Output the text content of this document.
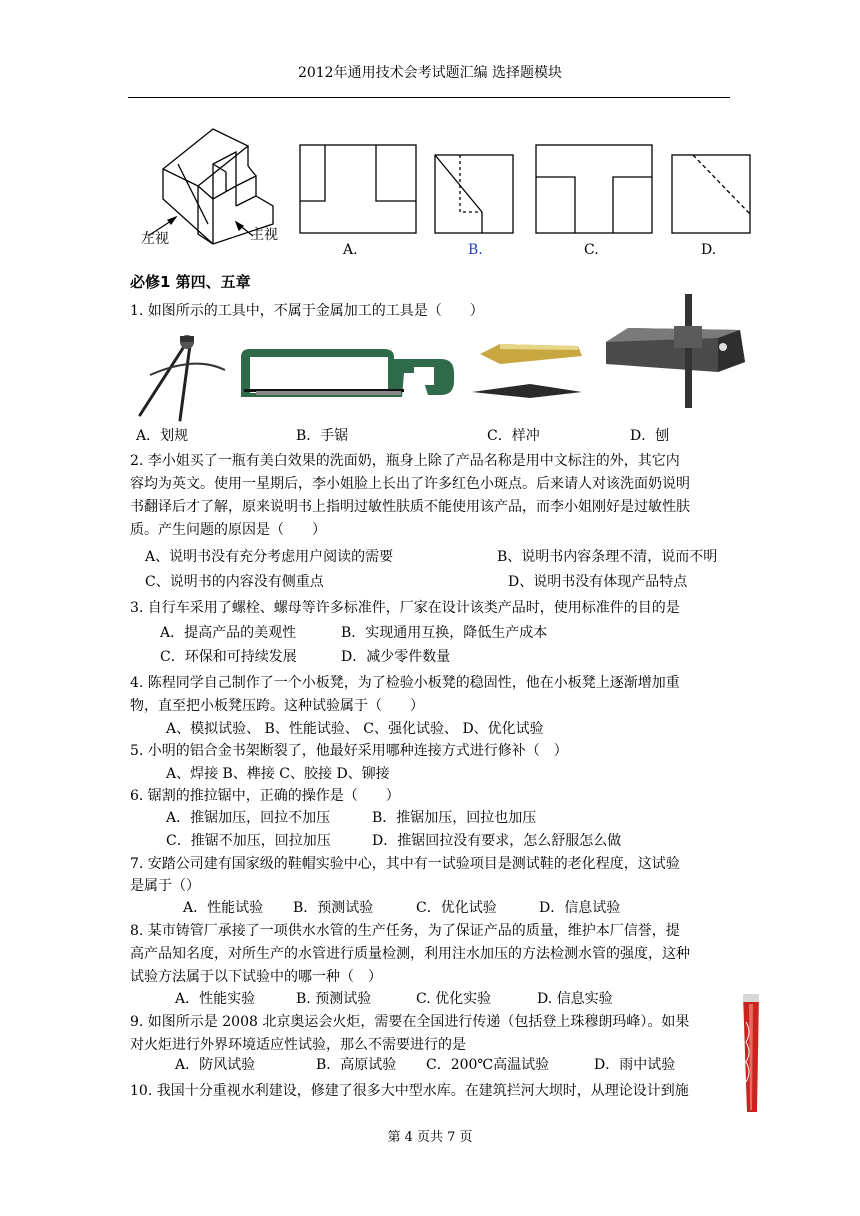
2012年通用技术会考试题汇编 选择题模块
左视	主视
A.	B.	C.	D.
必修1 第四、五章
1. 如图所示的工具中，不属于金属加工的工具是（　　）
A．划规	B．手锯	C．样冲	D．刨
2. 李小姐买了一瓶有美白效果的洗面奶，瓶身上除了产品名称是用中文标注的外，其它内
容均为英文。使用一星期后，李小姐脸上长出了许多红色小斑点。后来请人对该洗面奶说明
书翻译后才了解，原来说明书上指明过敏性肤质不能使用该产品，而李小姐刚好是过敏性肤
质。产生问题的原因是（　　）
A、说明书没有充分考虑用户阅读的需要	B、说明书内容条理不清，说而不明
C、说明书的内容没有侧重点	D、说明书没有体现产品特点
3. 自行车采用了螺栓、螺母等许多标准件，厂家在设计该类产品时，使用标准件的目的是
A．提高产品的美观性	B．实现通用互换，降低生产成本
C．环保和可持续发展	D．减少零件数量
4. 陈程同学自己制作了一个小板凳，为了检验小板凳的稳固性，他在小板凳上逐渐增加重
物，直至把小板凳压跨。这种试验属于（　　）
A、模拟试验、 B、性能试验、 C、强化试验、 D、优化试验
5. 小明的铝合金书架断裂了，他最好采用哪种连接方式进行修补（　）
A、焊接 B、榫接 C、胶接 D、铆接
6. 锯割的推拉锯中，正确的操作是（　　）
A．推锯加压，回拉不加压	B．推锯加压，回拉也加压
C．推锯不加压，回拉加压	D．推锯回拉没有要求，怎么舒服怎么做
7. 安踏公司建有国家级的鞋帽实验中心，其中有一试验项目是测试鞋的老化程度，这试验
是属于（）
A．性能试验 B．预测试验	C．优化试验	D．信息试验
8. 某市铸管厂承接了一项供水水管的生产任务，为了保证产品的质量，维护本厂信誉，提
高产品知名度，对所生产的水管进行质量检测，利用注水加压的方法检测水管的强度，这种
试验方法属于以下试验中的哪一种（　）
A．性能实验	B. 预测试验	C. 优化实验	D. 信息实验
9. 如图所示是 2008 北京奥运会火炬，需要在全国进行传递（包括登上珠穆朗玛峰）。如果
对火炬进行外界环境适应性试验，那么不需要进行的是
A．防风试验	B．高原试验 C．200℃高温试验	D．雨中试验
10. 我国十分重视水利建设，修建了很多大中型水库。在建筑拦河大坝时，从理论设计到施
第 4 页共 7 页
